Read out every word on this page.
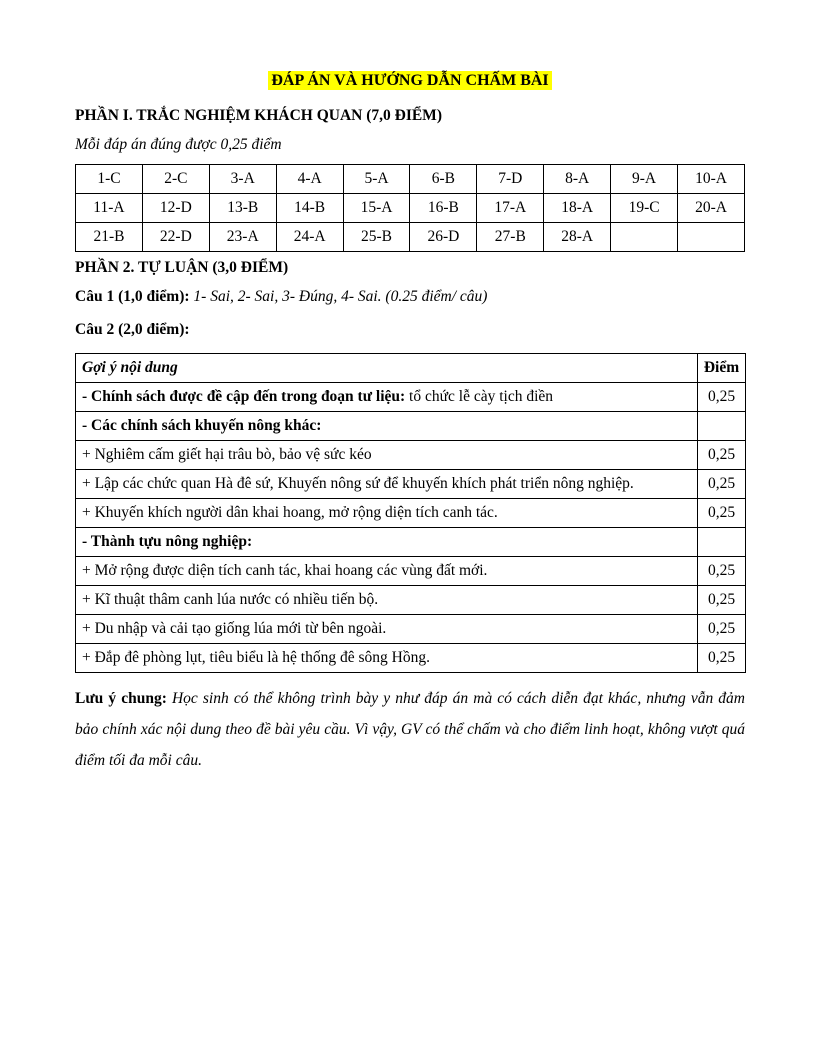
ĐÁP ÁN VÀ HƯỚNG DẪN CHẤM BÀI
PHẦN I. TRẮC NGHIỆM KHÁCH QUAN (7,0 ĐIỂM)
Mỗi đáp án đúng được 0,25 điểm
1-C	2-C	3-A	4-A	5-A	6-B	7-D	8-A	9-A	10-A
11-A	12-D	13-B	14-B	15-A	16-B	17-A	18-A	19-C	20-A
21-B	22-D	23-A	24-A	25-B	26-D	27-B	28-A		
PHẦN 2. TỰ LUẬN (3,0 ĐIỂM)

Câu 1 (1,0 điểm): 1- Sai, 2- Sai, 3- Đúng, 4- Sai. (0.25 điểm/ câu)

Câu 2 (2,0 điểm):

Gợi ý nội dung	Điểm
- Chính sách được đề cập đến trong đoạn tư liệu: tổ chức lễ cày tịch điền	0,25
- Các chính sách khuyến nông khác:	
+ Nghiêm cấm giết hại trâu bò, bảo vệ sức kéo	0,25
+ Lập các chức quan Hà đê sứ, Khuyến nông sứ để khuyến khích phát triển nông nghiệp.	0,25
+ Khuyến khích người dân khai hoang, mở rộng diện tích canh tác.	0,25
- Thành tựu nông nghiệp:	
+ Mở rộng được diện tích canh tác, khai hoang các vùng đất mới.	0,25
+ Kĩ thuật thâm canh lúa nước có nhiều tiến bộ.	0,25
+ Du nhập và cải tạo giống lúa mới từ bên ngoài.	0,25
+ Đắp đê phòng lụt, tiêu biểu là hệ thống đê sông Hồng.	0,25

Lưu ý chung: Học sinh có thể không trình bày y như đáp án mà có cách diễn đạt khác, nhưng vẫn đảm bảo chính xác nội dung theo đề bài yêu cầu. Vì vậy, GV có thể chấm và cho điểm linh hoạt, không vượt quá điểm tối đa mỗi câu.
